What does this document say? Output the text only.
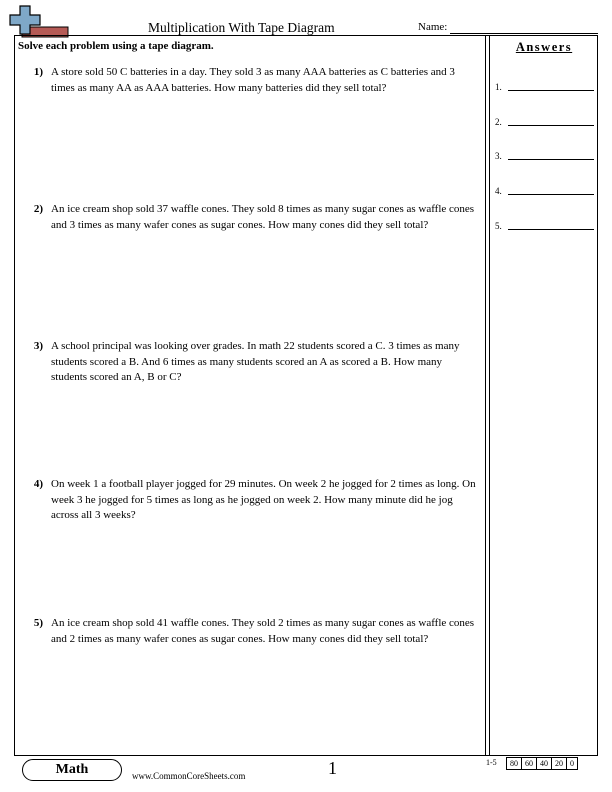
Multiplication With Tape Diagram	Name:
Solve each problem using a tape diagram.
1) A store sold 50 C batteries in a day. They sold 3 as many AAA batteries as C batteries and 3 times as many AA as AAA batteries. How many batteries did they sell total?
2) An ice cream shop sold 37 waffle cones. They sold 8 times as many sugar cones as waffle cones and 3 times as many wafer cones as sugar cones. How many cones did they sell total?
3) A school principal was looking over grades. In math 22 students scored a C. 3 times as many students scored a B. And 6 times as many students scored an A as scored a B. How many students scored an A, B or C?
4) On week 1 a football player jogged for 29 minutes. On week 2 he jogged for 2 times as long. On week 3 he jogged for 5 times as long as he jogged on week 2. How many minute did he jog across all 3 weeks?
5) An ice cream shop sold 41 waffle cones. They sold 2 times as many sugar cones as waffle cones and 2 times as many wafer cones as sugar cones. How many cones did they sell total?
Answers
1.
2.
3.
4.
5.
Math	www.CommonCoreSheets.com	1	1-5	80 60 40 20 0
